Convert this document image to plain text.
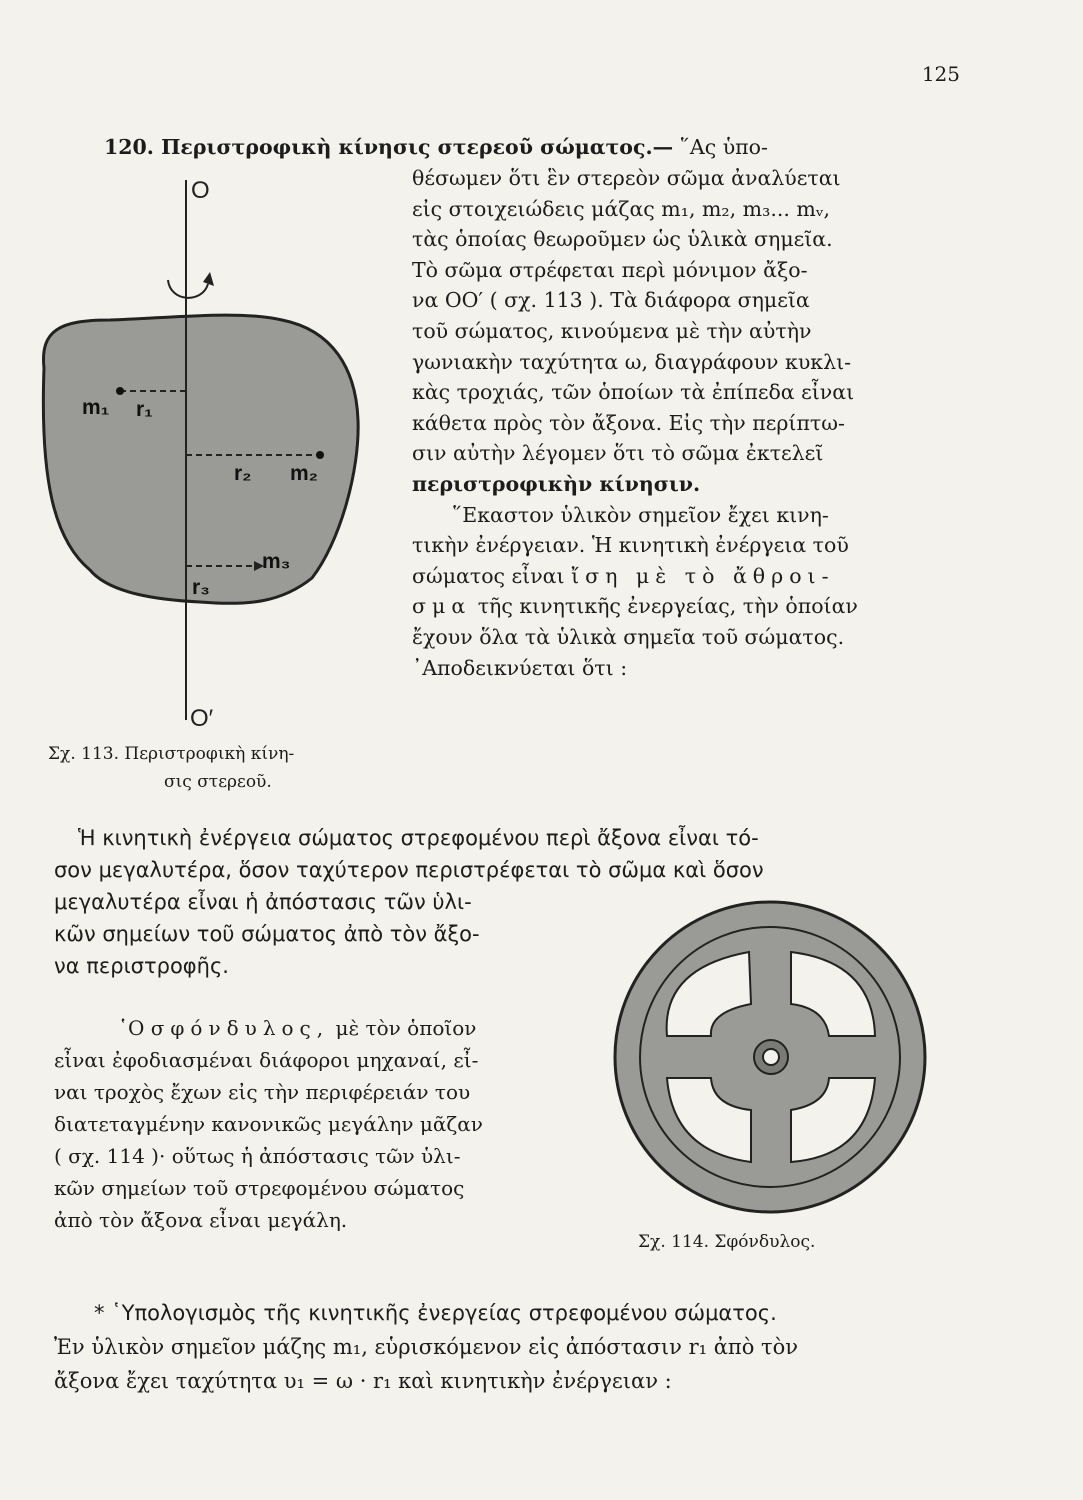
125
O
O′
m₁ r₁
r₂ m₂
m₃
r₃
Σχ. 113. Περιστροφικὴ κίνη-
σις στερεοῦ.
120. Περιστροφικὴ κίνησις στερεοῦ σώματος.— ῞Ας ὑπο-
θέσωμεν ὅτι ἓν στερεὸν σῶμα ἀναλύεται
εἰς στοιχειώδεις μάζας m₁, m₂, m₃... mᵥ,
τὰς ὁποίας θεωροῦμεν ὡς ὑλικὰ σημεῖα.
Τὸ σῶμα στρέφεται περὶ μόνιμον ἄξο-
να ΟΟ′ ( σχ. 113 ). Τὰ διάφορα σημεῖα
τοῦ σώματος, κινούμενα μὲ τὴν αὐτὴν
γωνιακὴν ταχύτητα ω, διαγράφουν κυκλι-
κὰς τροχιάς, τῶν ὁποίων τὰ ἐπίπεδα εἶναι
κάθετα πρὸς τὸν ἄξονα. Εἰς τὴν περίπτω-
σιν αὐτὴν λέγομεν ὅτι τὸ σῶμα ἐκτελεῖ
περιστροφικὴν κίνησιν.
῞Εκαστον ὑλικὸν σημεῖον ἔχει κινη-
τικὴν ἐνέργειαν. Ἡ κινητικὴ ἐνέργεια τοῦ
σώματος εἶναι ἴση μὲ τὸ ἄθροι-
σμα τῆς κινητικῆς ἐνεργείας, τὴν ὁποίαν
ἔχουν ὅλα τὰ ὑλικὰ σημεῖα τοῦ σώματος.
᾿Αποδεικνύεται ὅτι :
Ἡ κινητικὴ ἐνέργεια σώματος στρεφομένου περὶ ἄξονα εἶναι τό-
σον μεγαλυτέρα, ὅσον ταχύτερον περιστρέφεται τὸ σῶμα καὶ ὅσον
μεγαλυτέρα εἶναι ἡ ἀπόστασις τῶν ὑλι-
κῶν σημείων τοῦ σώματος ἀπὸ τὸν ἄξο-
να περιστροφῆς.
῾Ο σφόνδυλος, μὲ τὸν ὁποῖον
εἶναι ἐφοδιασμέναι διάφοροι μηχαναί, εἶ-
ναι τροχὸς ἔχων εἰς τὴν περιφέρειάν του
διατεταγμένην κανονικῶς μεγάλην μᾶζαν
( σχ. 114 )· οὕτως ἡ ἀπόστασις τῶν ὑλι-
κῶν σημείων τοῦ στρεφομένου σώματος
ἀπὸ τὸν ἄξονα εἶναι μεγάλη.
Σχ. 114. Σφόνδυλος.
* ῾Υπολογισμὸς τῆς κινητικῆς ἐνεργείας στρεφομένου σώματος.
Ἐν ὑλικὸν σημεῖον μάζης m₁, εὑρισκόμενον εἰς ἀπόστασιν r₁ ἀπὸ τὸν
ἄξονα ἔχει ταχύτητα υ₁ = ω · r₁ καὶ κινητικὴν ἐνέργειαν :
